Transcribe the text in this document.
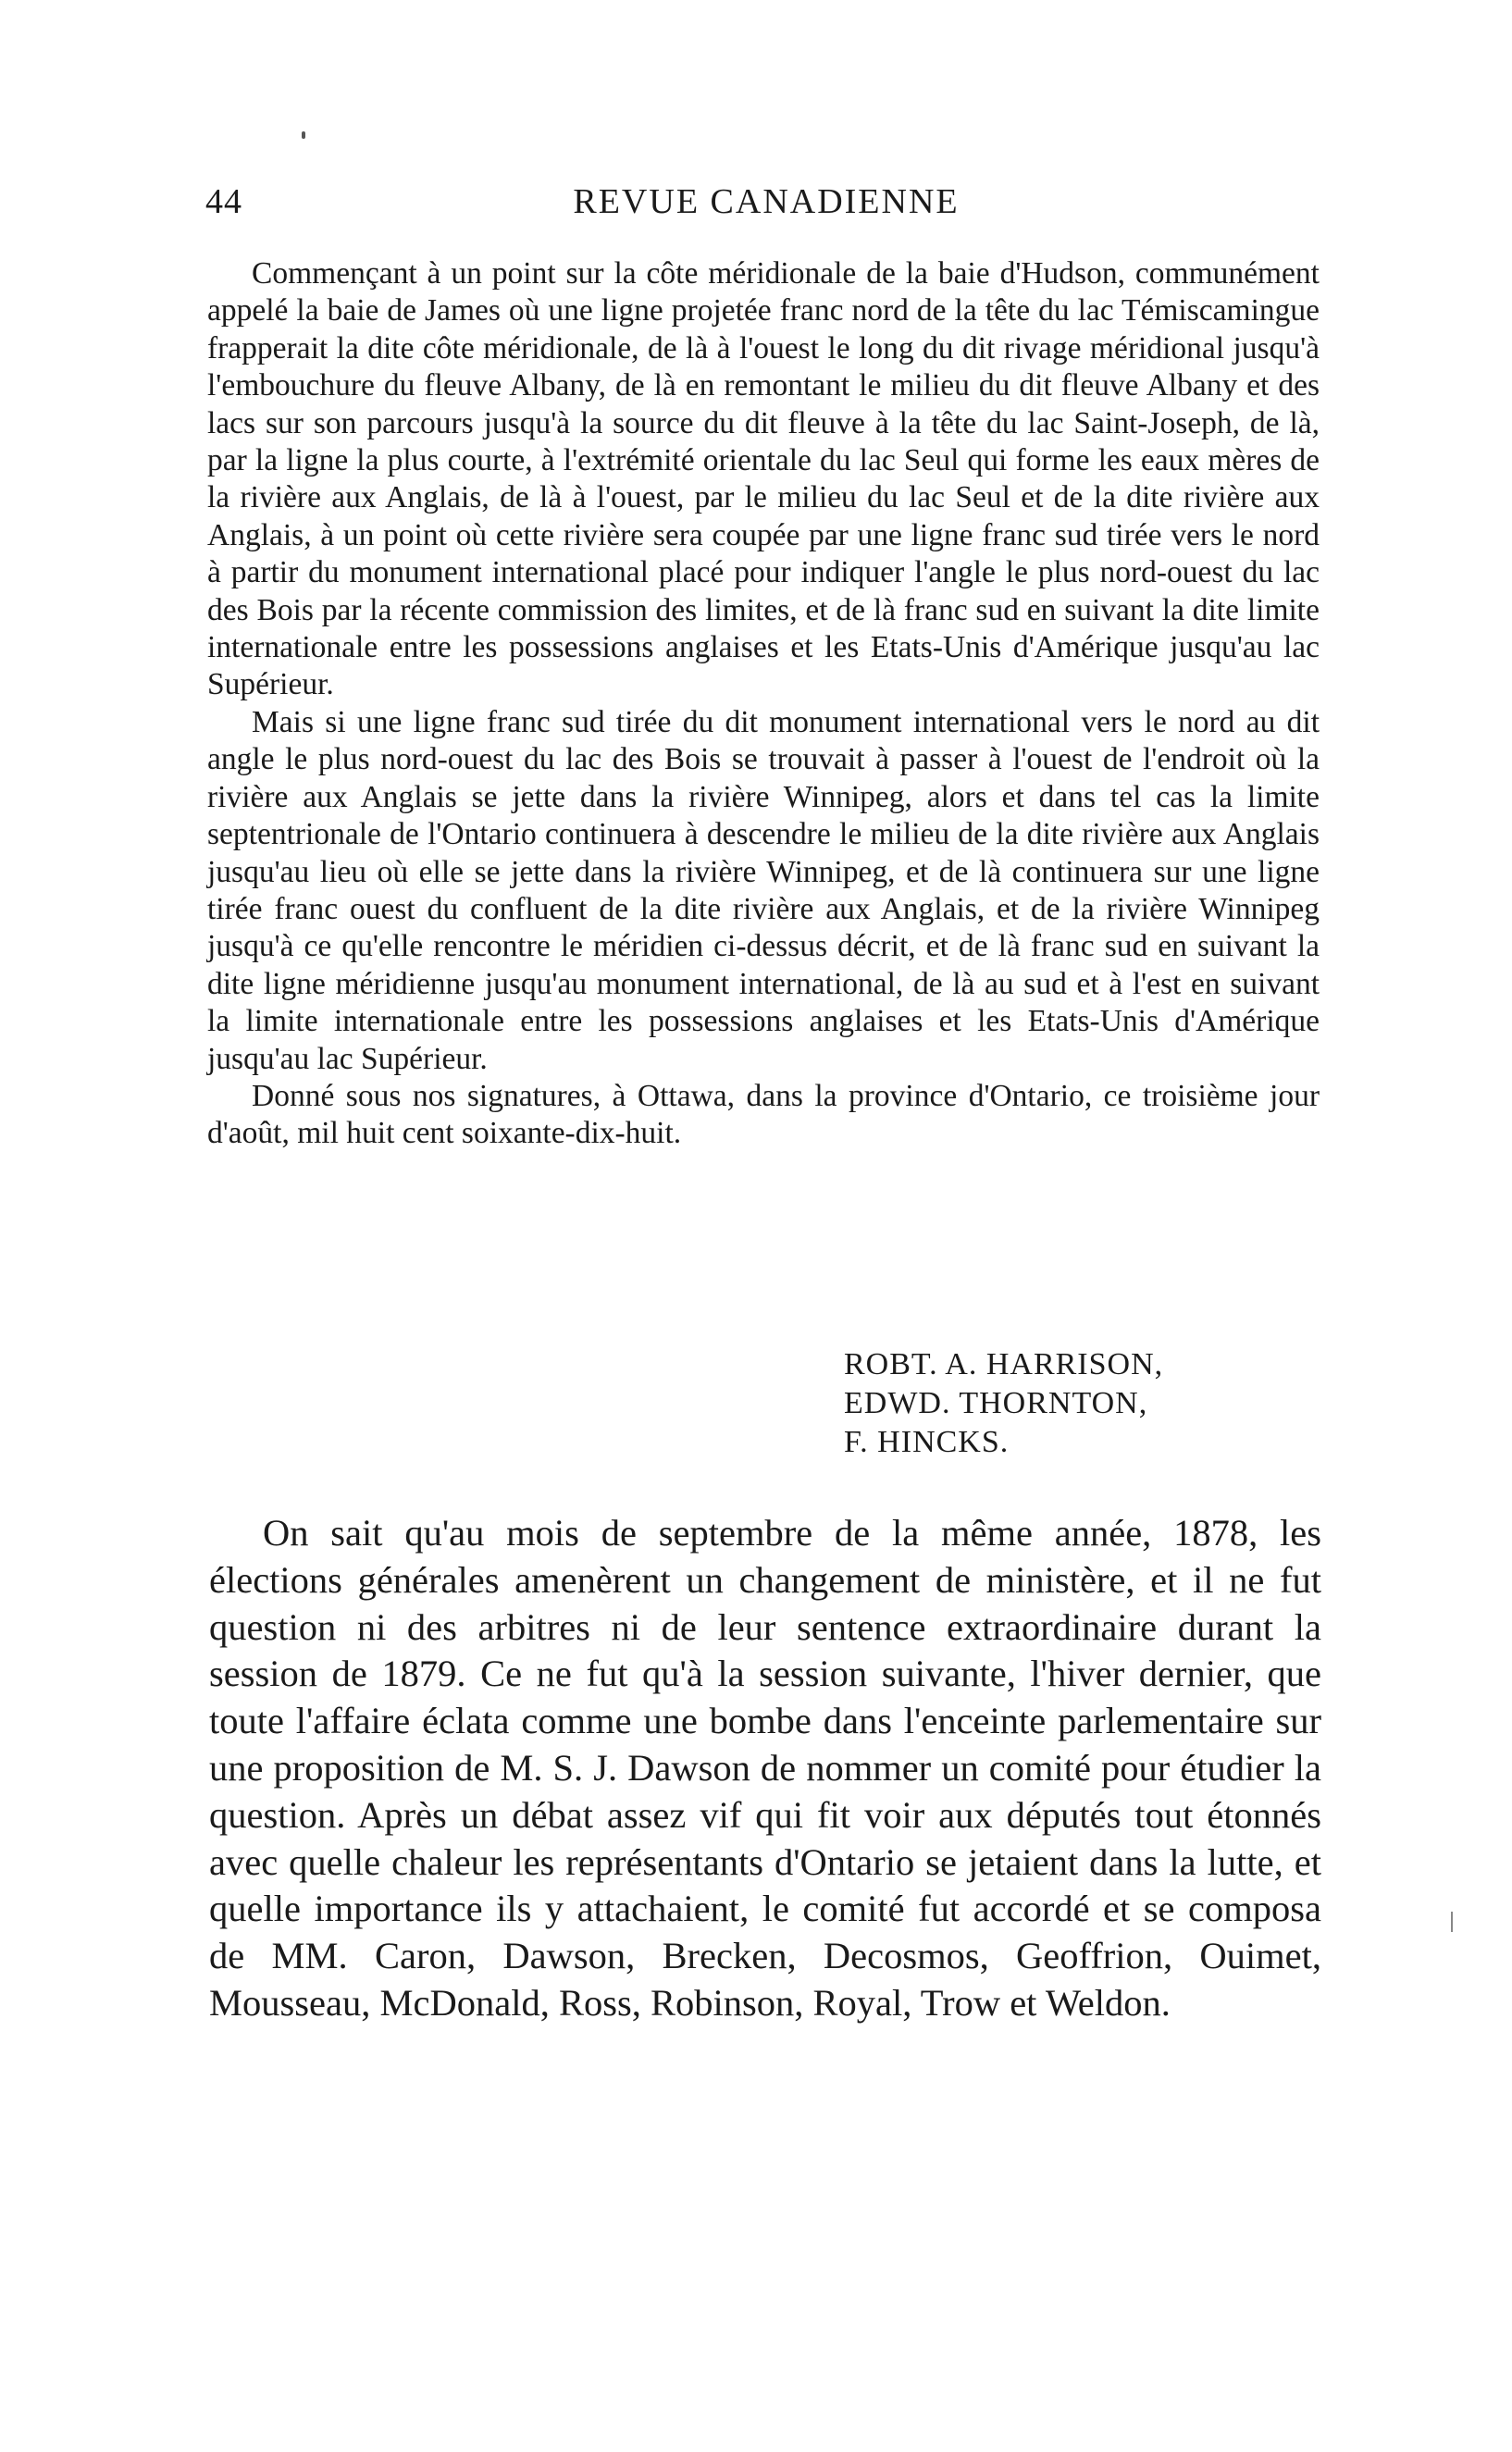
44	REVUE CANADIENNE

Commençant à un point sur la côte méridionale de la baie d'Hudson, communément appelé la baie de James où une ligne projetée franc nord de la tête du lac Témiscamingue frapperait la dite côte méridionale, de là à l'ouest le long du dit rivage méridional jusqu'à l'embouchure du fleuve Albany, de là en remontant le milieu du dit fleuve Albany et des lacs sur son parcours jusqu'à la source du dit fleuve à la tête du lac Saint-Joseph, de là, par la ligne la plus courte, à l'extrémité orientale du lac Seul qui forme les eaux mères de la rivière aux Anglais, de là à l'ouest, par le milieu du lac Seul et de la dite rivière aux Anglais, à un point où cette rivière sera coupée par une ligne franc sud tirée vers le nord à partir du monument international placé pour indiquer l'angle le plus nord-ouest du lac des Bois par la récente commission des limites, et de là franc sud en suivant la dite limite internationale entre les possessions anglaises et les Etats-Unis d'Amérique jusqu'au lac Supérieur.

Mais si une ligne franc sud tirée du dit monument international vers le nord au dit angle le plus nord-ouest du lac des Bois se trouvait à passer à l'ouest de l'endroit où la rivière aux Anglais se jette dans la rivière Winnipeg, alors et dans tel cas la limite septentrionale de l'Ontario continuera à descendre le milieu de la dite rivière aux Anglais jusqu'au lieu où elle se jette dans la rivière Winnipeg, et de là continuera sur une ligne tirée franc ouest du confluent de la dite rivière aux Anglais, et de la rivière Winnipeg jusqu'à ce qu'elle rencontre le méridien ci-dessus décrit, et de là franc sud en suivant la dite ligne méridienne jusqu'au monument international, de là au sud et à l'est en suivant la limite internationale entre les possessions anglaises et les Etats-Unis d'Amérique jusqu'au lac Supérieur.

Donné sous nos signatures, à Ottawa, dans la province d'Ontario, ce troisième jour d'août, mil huit cent soixante-dix-huit.

ROBT. A. HARRISON,
EDWD. THORNTON,
F. HINCKS.

On sait qu'au mois de septembre de la même année, 1878, les élections générales amenèrent un changement de ministère, et il ne fut question ni des arbitres ni de leur sentence extraordinaire durant la session de 1879. Ce ne fut qu'à la session suivante, l'hiver dernier, que toute l'affaire éclata comme une bombe dans l'enceinte parlementaire sur une proposition de M. S. J. Dawson de nommer un comité pour étudier la question. Après un débat assez vif qui fit voir aux députés tout étonnés avec quelle chaleur les représentants d'Ontario se jetaient dans la lutte, et quelle importance ils y attachaient, le comité fut accordé et se composa de MM. Caron, Dawson, Brecken, Decosmos, Geoffrion, Ouimet, Mousseau, McDonald, Ross, Robinson, Royal, Trow et Weldon.
